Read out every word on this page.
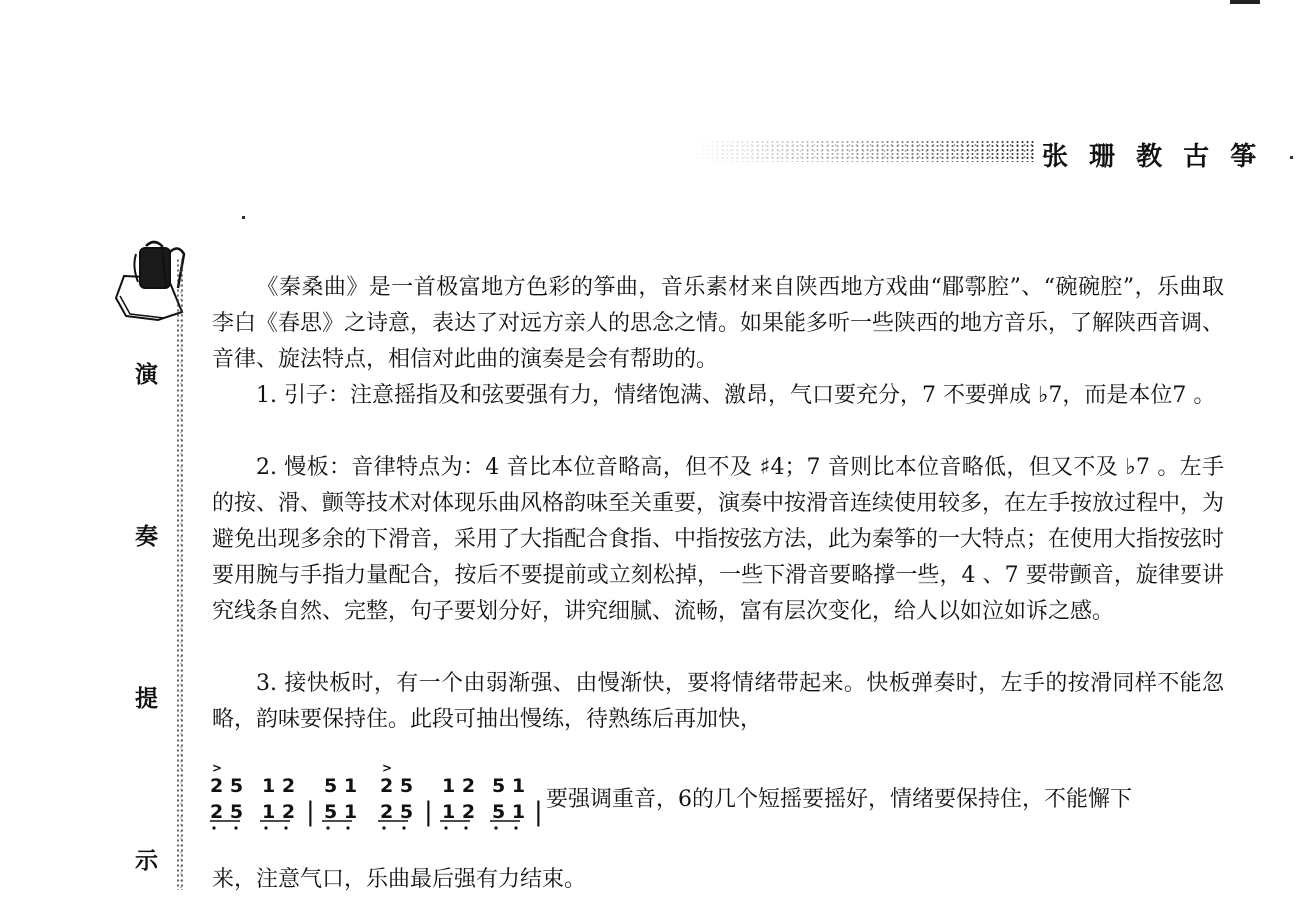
张 珊 教 古 筝
演
奏
提
示

《秦桑曲》是一首极富地方色彩的筝曲，音乐素材来自陕西地方戏曲“郿鄠腔”、“碗碗腔”，乐曲取李白《春思》之诗意，表达了对远方亲人的思念之情。如果能多听一些陕西的地方音乐，了解陕西音调、音律、旋法特点，相信对此曲的演奏是会有帮助的。

1. 引子：注意摇指及和弦要强有力，情绪饱满、激昂，气口要充分，7 不要弹成 ♭7，而是本位7 。

2. 慢板：音律特点为：4 音比本位音略高，但不及 ♯4；7 音则比本位音略低，但又不及 ♭7 。左手的按、滑、颤等技术对体现乐曲风格韵味至关重要，演奏中按滑音连续使用较多，在左手按放过程中，为避免出现多余的下滑音，采用了大指配合食指、中指按弦方法，此为秦筝的一大特点；在使用大指按弦时要用腕与手指力量配合，按后不要提前或立刻松掉，一些下滑音要略撑一些，4 、7 要带颤音，旋律要讲究线条自然、完整，句子要划分好，讲究细腻、流畅，富有层次变化，给人以如泣如诉之感。

3. 接快板时，有一个由弱渐强、由慢渐快，要将情绪带起来。快板弹奏时，左手的按滑同样不能忽略，韵味要保持住。此段可抽出慢练，待熟练后再加快，

>	>
2 5 1 2 5 1 2 5 1 2 5 1
2 5 1 2 5 1 2 5 1 2 5 1
|	|	| 要强调重音，6的几个短摇要摇好，情绪要保持住，不能懈下
来，注意气口，乐曲最后强有力结束。
